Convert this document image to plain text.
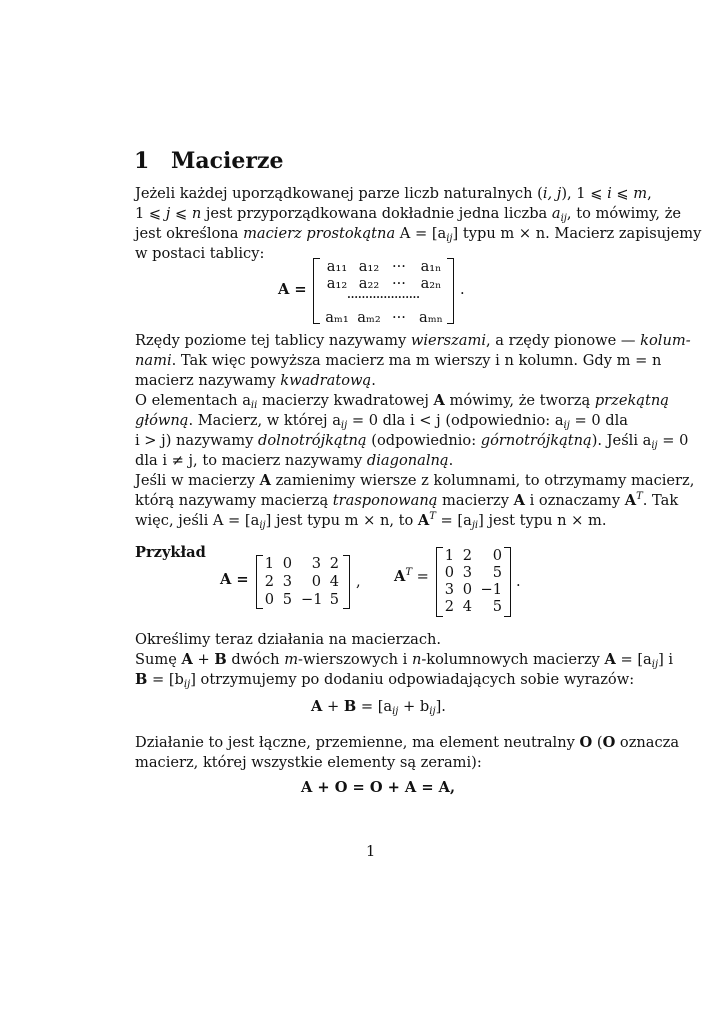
1 Macierze
Jeżeli każdej uporządkowanej parze liczb naturalnych (i, j), 1 ⩽ i ⩽ m,
1 ⩽ j ⩽ n jest przyporządkowana dokładnie jedna liczba $a_{ij}$, to mówimy, że
jest określona macierz prostokątna $A = [a_{ij}]$ typu m × n. Macierz zapisujemy
w postaci tablicy:
A =
a₁₁ a₁₂ ···	a₁ₙ
a₁₂ a₂₂ ···	a₂ₙ
····················
aₘ₁ aₘ₂ ··· aₘₙ
.
Rzędy poziome tej tablicy nazywamy wierszami, a rzędy pionowe — kolum-
nami. Tak więc powyższa macierz ma m wierszy i n kolumn. Gdy m = n
macierz nazywamy kwadratową.
O elementach $a_{ii}$ macierzy kwadratowej A mówimy, że tworzą przekątną
główną. Macierz, w której $a_{ij} = 0$ dla i < j (odpowiednio: $a_{ij} = 0$ dla
i > j) nazywamy dolnotrójkątną (odpowiednio: górnotrójkątną). Jeśli $a_{ij} = 0$
dla i ≠ j, to macierz nazywamy diagonalną.
Jeśli w macierzy A zamienimy wiersze z kolumnami, to otrzymamy macierz,
którą nazywamy macierzą trasponowaną macierzy A i oznaczamy $A^T$. Tak
więc, jeśli $A = [a_{ij}]$ jest typu m × n, to $A^T = [a_{ji}]$ jest typu n × m.
Przykład
A =
1 0	3 2
2 3	0 4
0 5 −1 5
, $A^T$ =
1 2	0
0 3	5
3 0 −1
2 4	5
.
Określimy teraz działania na macierzach.
Sumę A + B dwóch m-wierszowych i n-kolumnowych macierzy $A = [a_{ij}]$ i
$B = [b_{ij}]$ otrzymujemy po dodaniu odpowiadających sobie wyrazów:
$A + B = [a_{ij} + b_{ij}]$.
Działanie to jest łączne, przemienne, ma element neutralny O (O oznacza
macierz, której wszystkie elementy są zerami):
A + O = O + A = A,
1
